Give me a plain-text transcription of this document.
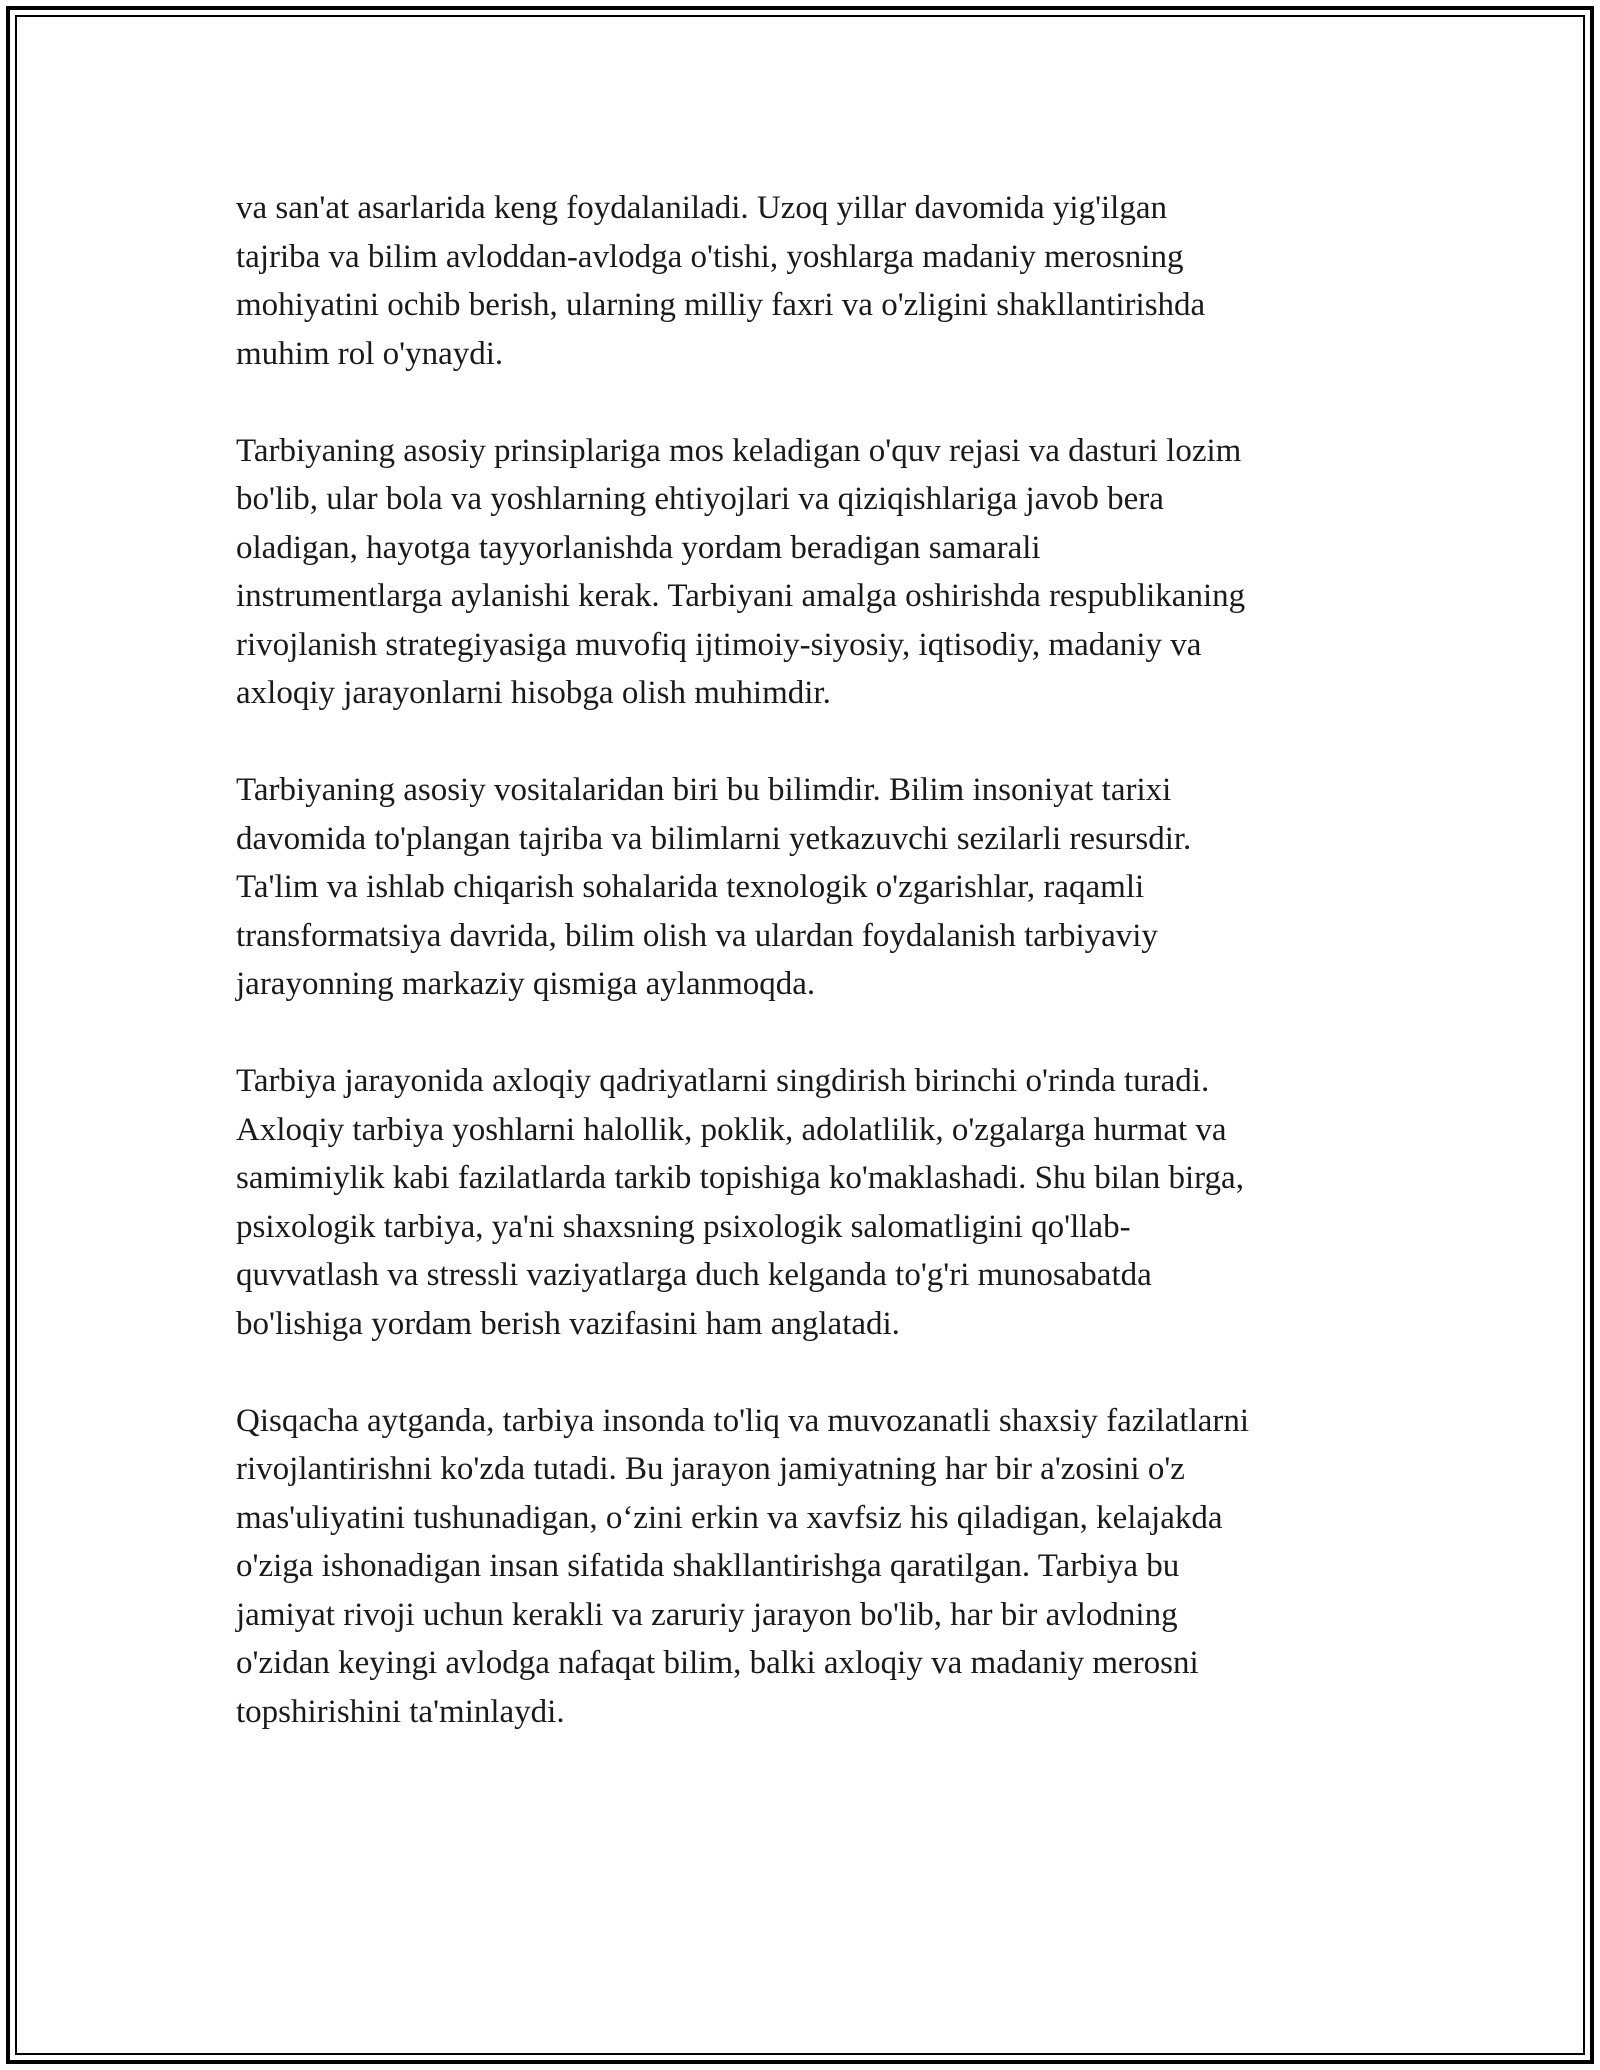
va san'at asarlarida keng foydalaniladi. Uzoq yillar davomida yig'ilgan
tajriba va bilim avloddan-avlodga o'tishi, yoshlarga madaniy merosning
mohiyatini ochib berish, ularning milliy faxri va o'zligini shakllantirishda
muhim rol o'ynaydi.

Tarbiyaning asosiy prinsiplariga mos keladigan o'quv rejasi va dasturi lozim
bo'lib, ular bola va yoshlarning ehtiyojlari va qiziqishlariga javob bera
oladigan, hayotga tayyorlanishda yordam beradigan samarali
instrumentlarga aylanishi kerak. Tarbiyani amalga oshirishda respublikaning
rivojlanish strategiyasiga muvofiq ijtimoiy-siyosiy, iqtisodiy, madaniy va
axloqiy jarayonlarni hisobga olish muhimdir.

Tarbiyaning asosiy vositalaridan biri bu bilimdir. Bilim insoniyat tarixi
davomida to'plangan tajriba va bilimlarni yetkazuvchi sezilarli resursdir.
Ta'lim va ishlab chiqarish sohalarida texnologik o'zgarishlar, raqamli
transformatsiya davrida, bilim olish va ulardan foydalanish tarbiyaviy
jarayonning markaziy qismiga aylanmoqda.

Tarbiya jarayonida axloqiy qadriyatlarni singdirish birinchi o'rinda turadi.
Axloqiy tarbiya yoshlarni halollik, poklik, adolatlilik, o'zgalarga hurmat va
samimiylik kabi fazilatlarda tarkib topishiga ko'maklashadi. Shu bilan birga,
psixologik tarbiya, ya'ni shaxsning psixologik salomatligini qo'llab-
quvvatlash va stressli vaziyatlarga duch kelganda to'g'ri munosabatda
bo'lishiga yordam berish vazifasini ham anglatadi.

Qisqacha aytganda, tarbiya insonda to'liq va muvozanatli shaxsiy fazilatlarni
rivojlantirishni ko'zda tutadi. Bu jarayon jamiyatning har bir a'zosini o'z
mas'uliyatini tushunadigan, o‘zini erkin va xavfsiz his qiladigan, kelajakda
o'ziga ishonadigan insan sifatida shakllantirishga qaratilgan. Tarbiya bu
jamiyat rivoji uchun kerakli va zaruriy jarayon bo'lib, har bir avlodning
o'zidan keyingi avlodga nafaqat bilim, balki axloqiy va madaniy merosni
topshirishini ta'minlaydi.
